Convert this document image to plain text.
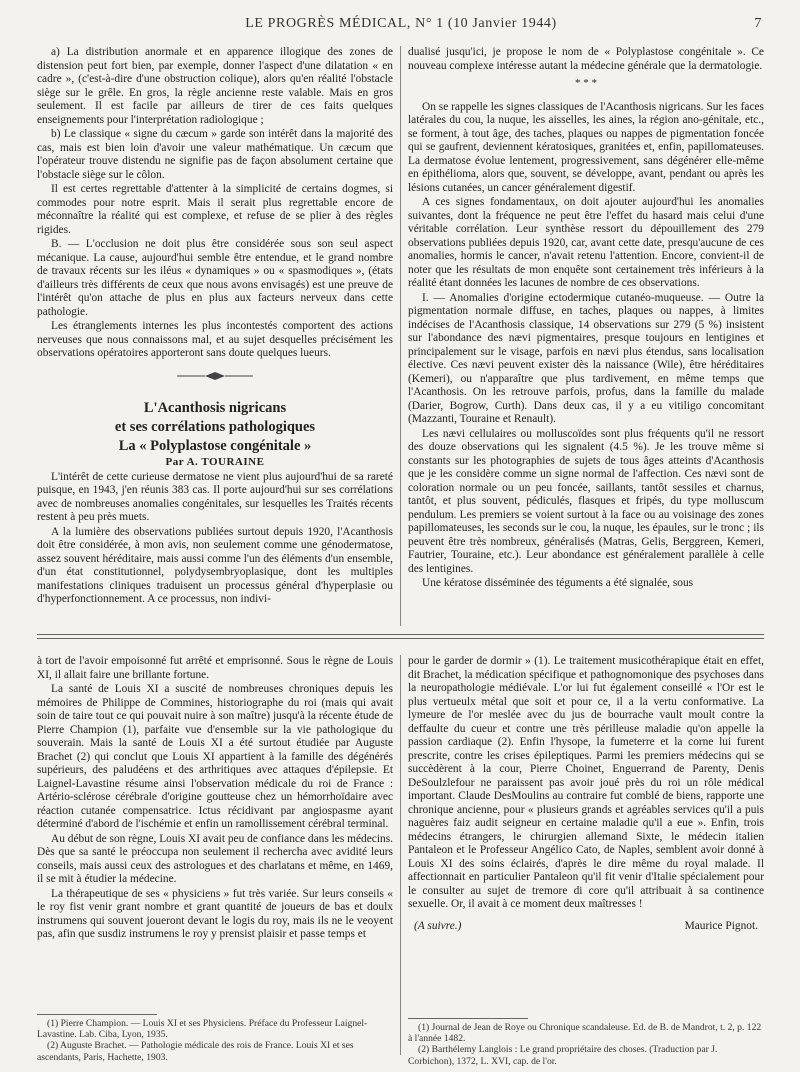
LE PROGRÈS MÉDICAL, N° 1 (10 Janvier 1944)	7

a) La distribution anormale et en apparence illogique des zones de distension peut fort bien, par exemple, donner l'aspect d'une dilatation « en cadre », (c'est-à-dire d'une obstruction colique), alors qu'en réalité l'obstacle siège sur le grêle. En gros, la règle ancienne reste valable. Mais en gros seulement. Il est facile par ailleurs de tirer de ces faits quelques enseignements pour l'interprétation radiologique ;

b) Le classique « signe du cæcum » garde son intérêt dans la majorité des cas, mais est bien loin d'avoir une valeur mathématique. Un cæcum que l'opérateur trouve distendu ne signifie pas de façon absolument certaine que l'obstacle siège sur le côlon.

Il est certes regrettable d'attenter à la simplicité de certains dogmes, si commodes pour notre esprit. Mais il serait plus regrettable encore de méconnaître la réalité qui est complexe, et refuse de se plier à des règles rigides.

B. — L'occlusion ne doit plus être considérée sous son seul aspect mécanique. La cause, aujourd'hui semble être entendue, et le grand nombre de travaux récents sur les iléus « dynamiques » ou « spasmodiques », (états d'ailleurs très différents de ceux que nous avons envisagés) est une preuve de l'intérêt qu'on attache de plus en plus aux facteurs nerveux dans cette pathologie.

Les étranglements internes les plus incontestés comportent des actions nerveuses que nous connaissons mal, et au sujet desquelles précisément les observations opératoires apporteront sans doute quelques lueurs.

L'Acanthosis nigricans

et ses corrélations pathologiques

La « Polyplastose congénitale »

Par A. TOURAINE

L'intérêt de cette curieuse dermatose ne vient plus aujourd'hui de sa rareté puisque, en 1943, j'en réunis 383 cas. Il porte aujourd'hui sur ses corrélations avec de nombreuses anomalies congénitales, sur lesquelles les Traités récents restent à peu près muets.

A la lumière des observations publiées surtout depuis 1920, l'Acanthosis doit être considérée, à mon avis, non seulement comme une génodermatose, assez souvent héréditaire, mais aussi comme l'un des éléments d'un ensemble, d'un état constitutionnel, polydysembryoplasique, dont les multiples manifestations cliniques traduisent un processus général d'hyperplasie ou d'hyperfonctionnement. A ce processus, non indivi-

dualisé jusqu'ici, je propose le nom de « Polyplastose congénitale ». Ce nouveau complexe intéresse autant la médecine générale que la dermatologie.

* * *

On se rappelle les signes classiques de l'Acanthosis nigricans. Sur les faces latérales du cou, la nuque, les aisselles, les aines, la région ano-génitale, etc., se forment, à tout âge, des taches, plaques ou nappes de pigmentation foncée qui se gaufrent, deviennent kératosiques, granitées et, enfin, papillomateuses. La dermatose évolue lentement, progressivement, sans dégénérer elle-même en épithélioma, alors que, souvent, se développe, avant, pendant ou après les lésions cutanées, un cancer généralement digestif.

A ces signes fondamentaux, on doit ajouter aujourd'hui les anomalies suivantes, dont la fréquence ne peut être l'effet du hasard mais celui d'une véritable corrélation. Leur synthèse ressort du dépouillement des 279 observations publiées depuis 1920, car, avant cette date, presqu'aucune de ces anomalies, hormis le cancer, n'avait retenu l'attention. Encore, convient-il de noter que les résultats de mon enquête sont certainement très inférieurs à la réalité étant données les lacunes de nombre de ces observations.

I. — Anomalies d'origine ectodermique cutanéo-muqueuse. — Outre la pigmentation normale diffuse, en taches, plaques ou nappes, à limites indécises de l'Acanthosis classique, 14 observations sur 279 (5 %) insistent sur l'abondance des nævi pigmentaires, presque toujours en lentigines et principalement sur le visage, parfois en nævi plus étendus, sans localisation élective. Ces nævi peuvent exister dès la naissance (Wile), être héréditaires (Kemeri), ou n'apparaître que plus tardivement, en même temps que l'Acanthosis. On les retrouve parfois, profus, dans la famille du malade (Darier, Bogrow, Curth). Dans deux cas, il y a eu vitiligo concomitant (Mazzanti, Touraine et Renault).

Les nævi cellulaires ou molluscoïdes sont plus fréquents qu'il ne ressort des douze observations qui les signalent (4.5 %). Je les trouve même si constants sur les photographies de sujets de tous âges atteints d'Acanthosis que je les considère comme un signe normal de l'affection. Ces nævi sont de coloration normale ou un peu foncée, saillants, tantôt sessiles et charnus, tantôt, et plus souvent, pédiculés, flasques et fripés, du type molluscum pendulum. Les premiers se voient surtout à la face ou au voisinage des zones papillomateuses, les seconds sur le cou, la nuque, les épaules, sur le tronc ; ils peuvent être très nombreux, généralisés (Matras, Gelis, Berggreen, Kemeri, Fautrier, Touraine, etc.). Leur abondance est généralement parallèle à celle des lentigines.

Une kératose disséminée des téguments a été signalée, sous

à tort de l'avoir empoisonné fut arrêté et emprisonné. Sous le règne de Louis XI, il allait faire une brillante fortune.

La santé de Louis XI a suscité de nombreuses chroniques depuis les mémoires de Philippe de Commines, historiographe du roi (mais qui avait soin de taire tout ce qui pouvait nuire à son maître) jusqu'à la récente étude de Pierre Champion (1), parfaite vue d'ensemble sur la vie pathologique du souverain. Mais la santé de Louis XI a été surtout étudiée par Auguste Brachet (2) qui conclut que Louis XI appartient à la famille des dégénérés supérieurs, des paludéens et des arthritiques avec attaques d'épilepsie. Et Laignel-Lavastine résume ainsi l'observation médicale du roi de France : Artério-sclérose cérébrale d'origine goutteuse chez un hémorrhoïdaire avec réaction cutanée compensatrice. Ictus récidivant par angiospasme ayant déterminé d'abord de l'ischémie et enfin un ramollissement cérébral terminal.

Au début de son règne, Louis XI avait peu de confiance dans les médecins. Dès que sa santé le préoccupa non seulement il rechercha avec avidité leurs conseils, mais aussi ceux des astrologues et des charlatans et même, en 1469, il se mit à étudier la médecine.

La thérapeutique de ses « physiciens » fut très variée. Sur leurs conseils « le roy fist venir grant nombre et grant quantité de joueurs de bas et doulx instrumens qui souvent joueront devant le logis du roy, mais ils ne le veoyent pas, afin que susdiz instrumens le roy y prensist plaisir et passe temps et

pour le garder de dormir » (1). Le traitement musicothérapique était en effet, dit Brachet, la médication spécifique et pathognomonique des psychoses dans la neuropathologie médiévale. L'or lui fut également conseillé « l'Or est le plus vertueulx métal que soit et pour ce, il a la vertu conformative. La lymeure de l'or meslée avec du jus de bourrache vault moult contre la deffaulte du cueur et contre une très périlleuse maladie qu'on appelle la passion cardiaque (2). Enfin l'hysope, la fumeterre et la corne lui furent prescrite, contre les crises épileptiques. Parmi les premiers médecins qui se succèdèrent à la cour, Pierre Choinet, Enguerrand de Parenty, Denis DeSoulzlefour ne paraissent pas avoir joué près du roi un rôle médical important. Claude DesMoulins au contraire fut comblé de biens, rapporte une chronique ancienne, pour « plusieurs grands et agréables services qu'il a puis naguères faiz audit seigneur en certaine maladie qu'il a eue ». Enfin, trois médecins étrangers, le chirurgien allemand Sixte, le médecin italien Pantaleon et le Professeur Angélico Cato, de Naples, semblent avoir donné à Louis XI des soins éclairés, d'après le dire même du royal malade. Il affectionnait en particulier Pantaleon qu'il fit venir d'Italie spécialement pour le consulter au sujet de tremore di core qu'il attribuait à sa continence sexuelle. Or, il avait à ce moment deux maîtresses !

(A suivre.)	Maurice Pignot.

(1) Pierre Champion. — Louis XI et ses Physiciens. Préface du Professeur Laignel-Lavastine. Lab. Ciba, Lyon, 1935.

(2) Auguste Brachet. — Pathologie médicale des rois de France. Louis XI et ses ascendants, Paris, Hachette, 1903.

(1) Journal de Jean de Roye ou Chronique scandaleuse. Ed. de B. de Mandrot, t. 2, p. 122 à l'année 1482.

(2) Barthélemy Langlois : Le grand propriétaire des choses. (Traduction par J. Corbichon), 1372, L. XVI, cap. de l'or.
